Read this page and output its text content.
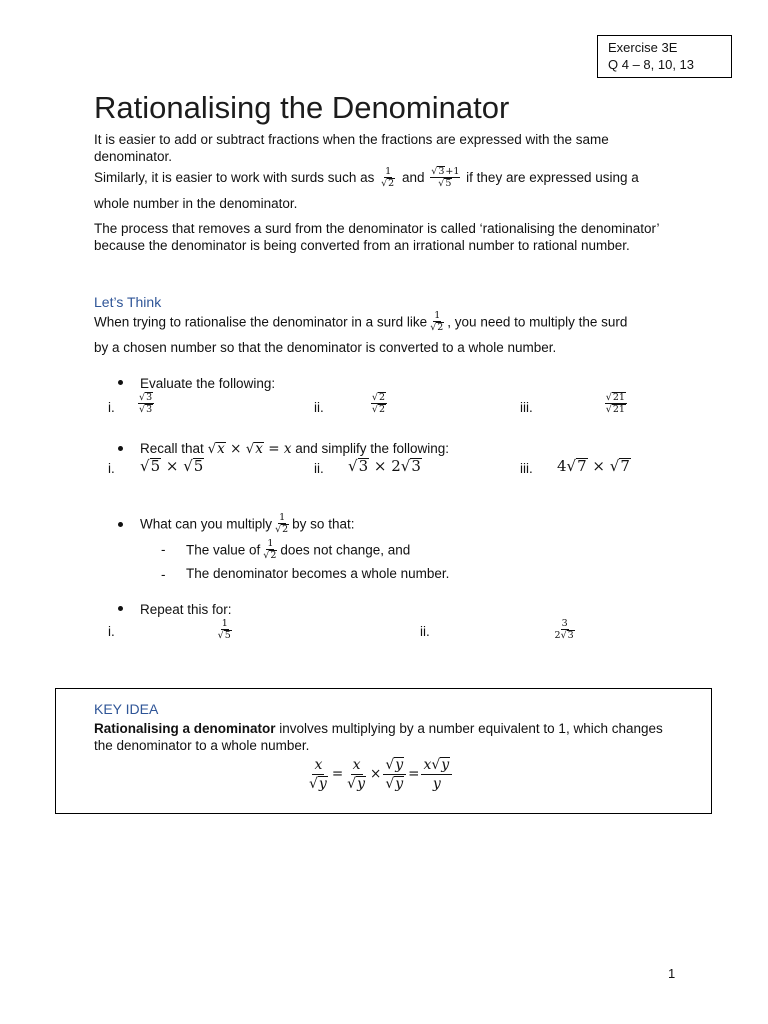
Exercise 3E
Q 4 – 8, 10, 13
Rationalising the Denominator
It is easier to add or subtract fractions when the fractions are expressed with the same denominator.
Similarly, it is easier to work with surds such as $\frac{1}{√2}$ and $\frac{√3+1}{√5}$ if they are expressed using a
whole number in the denominator.
The process that removes a surd from the denominator is called ‘rationalising the denominator’ because the denominator is being converted from an irrational number to rational number.
Let’s Think
When trying to rationalise the denominator in a surd like $\frac{1}{√2}$ , you need to multiply the surd
by a chosen number so that the denominator is converted to a whole number.
Evaluate the following:
i. $\frac{√3}{√3}$
	ii.	$\frac{√2}{√2}$
	iii.	$\frac{√21}{√21}$

Recall that √x × √x = x and simplify the following:
i. √5 × √5	ii. √3 × 2√3	iii. 4√7 × √7
What can you multiply $\frac{1}{√2}$ by so that:
- The value of $\frac{1}{√2}$ does not change, and
- The denominator becomes a whole number.
Repeat this for:
i.	$\frac{1}{√5}$
	ii.	$\frac{3}{2√3}$
KEY IDEA
Rationalising a denominator involves multiplying by a number equivalent to 1, which changes
the denominator to a whole number.
$\frac{x}{√y} = \frac{x}{√y} \times \frac{√y}{√y} = \frac{x√y}{y}$
1
